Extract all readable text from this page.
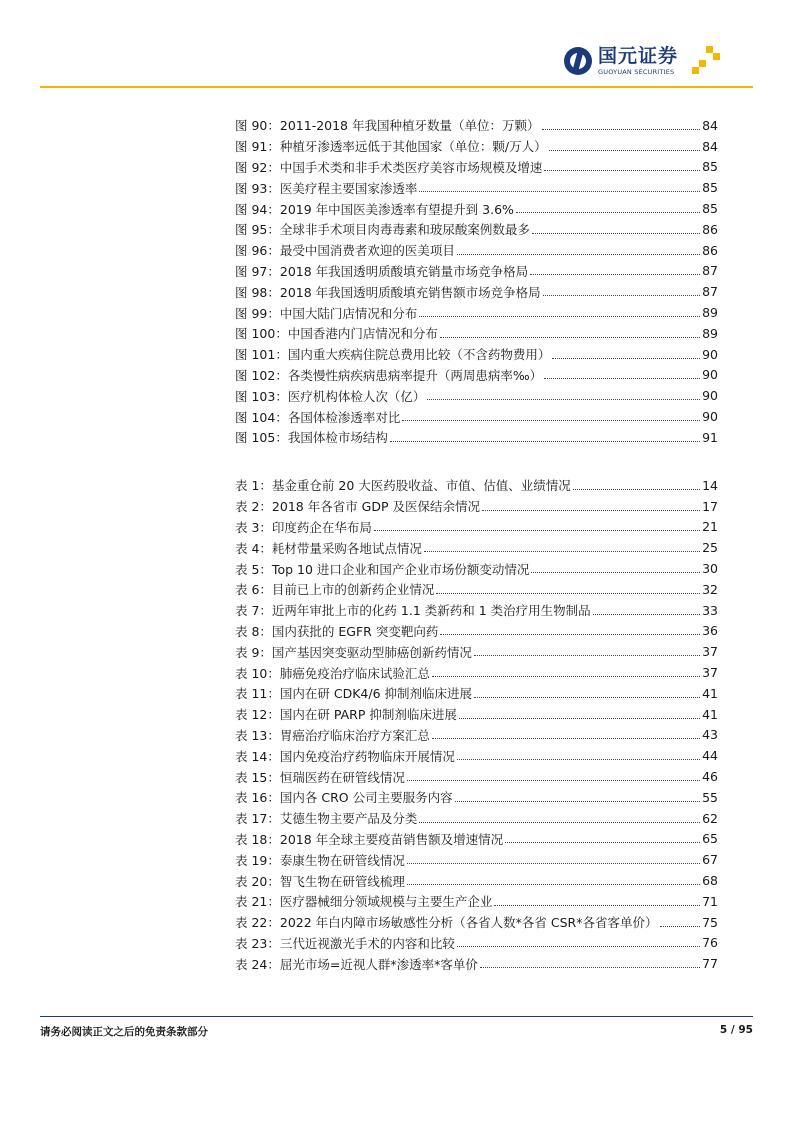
国元证券
GUOYUAN SECURITIES
图 90：2011-2018 年我国种植牙数量（单位：万颗）	84
图 91：种植牙渗透率远低于其他国家（单位：颗/万人）	84
图 92：中国手术类和非手术类医疗美容市场规模及增速	85
图 93：医美疗程主要国家渗透率	85
图 94：2019 年中国医美渗透率有望提升到 3.6%	85
图 95：全球非手术项目肉毒毒素和玻尿酸案例数最多	86
图 96：最受中国消费者欢迎的医美项目	86
图 97：2018 年我国透明质酸填充销量市场竞争格局	87
图 98：2018 年我国透明质酸填充销售额市场竞争格局	87
图 99：中国大陆门店情况和分布	89
图 100：中国香港内门店情况和分布	89
图 101：国内重大疾病住院总费用比较（不含药物费用）	90
图 102：各类慢性病疾病患病率提升（两周患病率‰）	90
图 103：医疗机构体检人次（亿）	90
图 104：各国体检渗透率对比	90
图 105：我国体检市场结构	91
表 1：基金重仓前 20 大医药股收益、市值、估值、业绩情况	14
表 2：2018 年各省市 GDP 及医保结余情况	17
表 3：印度药企在华布局	21
表 4：耗材带量采购各地试点情况	25
表 5：Top 10 进口企业和国产企业市场份额变动情况	30
表 6：目前已上市的创新药企业情况	32
表 7：近两年审批上市的化药 1.1 类新药和 1 类治疗用生物制品	33
表 8：国内获批的 EGFR 突变靶向药	36
表 9：国产基因突变驱动型肺癌创新药情况	37
表 10：肺癌免疫治疗临床试验汇总	37
表 11：国内在研 CDK4/6 抑制剂临床进展	41
表 12：国内在研 PARP 抑制剂临床进展	41
表 13：胃癌治疗临床治疗方案汇总	43
表 14：国内免疫治疗药物临床开展情况	44
表 15：恒瑞医药在研管线情况	46
表 16：国内各 CRO 公司主要服务内容	55
表 17：艾德生物主要产品及分类	62
表 18：2018 年全球主要疫苗销售额及增速情况	65
表 19：泰康生物在研管线情况	67
表 20：智飞生物在研管线梳理	68
表 21：医疗器械细分领域规模与主要生产企业	71
表 22：2022 年白内障市场敏感性分析（各省人数*各省 CSR*各省客单价）	75
表 23：三代近视激光手术的内容和比较	76
表 24：屈光市场=近视人群*渗透率*客单价	77
请务必阅读正文之后的免责条款部分	5 / 95
